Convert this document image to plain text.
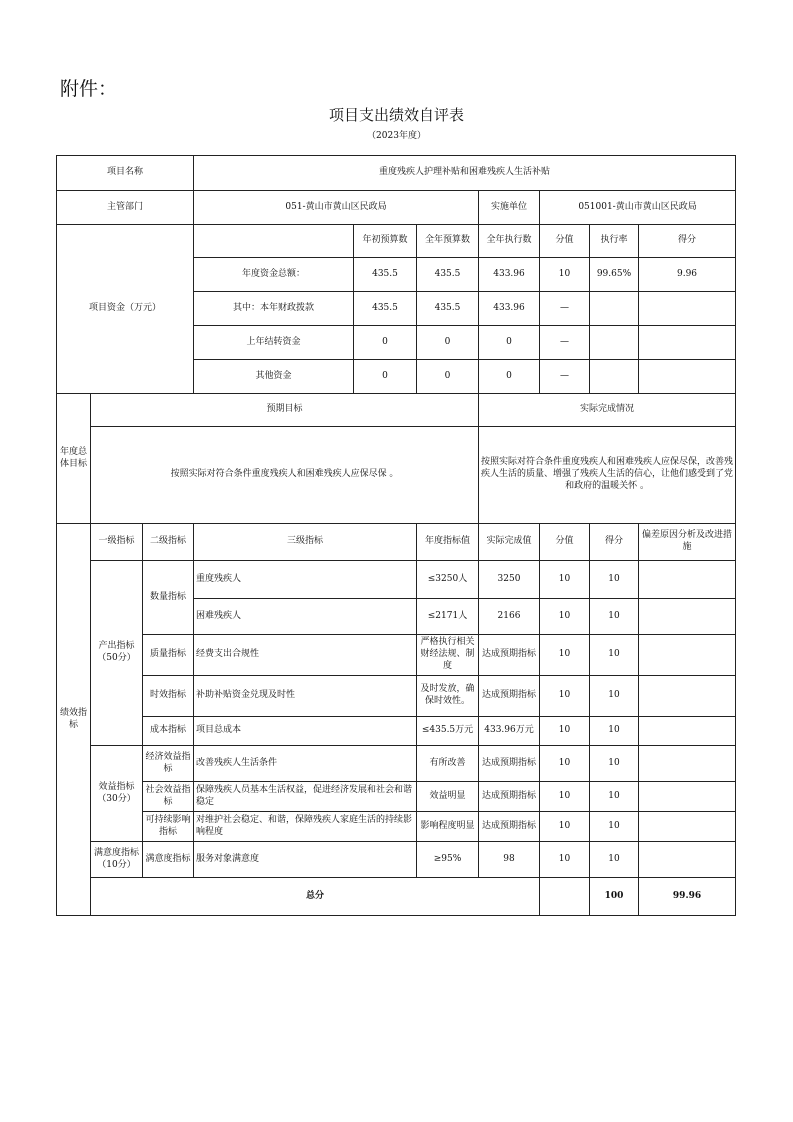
附件：
项目支出绩效自评表
（2023年度）
项目名称			重度残疾人护理补贴和困难残疾人生活补贴							
主管部门			051-黄山市黄山区民政局			实施单位	051001-黄山市黄山区民政局			
项目资金（万元）				年初预算数	全年预算数	全年执行数	分值	执行率	得分	
			年度资金总额：	435.5	435.5	433.96	10	99.65%	9.96	
			其中：本年财政拨款	435.5	435.5	433.96	—			
			上年结转资金	0	0	0	—			
			其他资金	0	0	0	—			
年度总体目标	预期目标					实际完成情况				
	按照实际对符合条件重度残疾人和困难残疾人应保尽保 。					按照实际对符合条件重度残疾人和困难残疾人应保尽保，改善残疾人生活的质量、增强了残疾人生活的信心，让他们感受到了党和政府的温暖关怀 。				
绩效指标	一级指标	二级指标	三级指标		年度指标值	实际完成值	分值	得分	偏差原因分析及改进措施	
	产出指标（50分）	数量指标	重度残疾人		≤3250人	3250	10	10		
			困难残疾人		≤2171人	2166	10	10		
		质量指标	经费支出合规性		严格执行相关财经法规、制度	达成预期指标	10	10		
		时效指标	补助补贴资金兑现及时性		及时发放，确保时效性。	达成预期指标	10	10		
		成本指标	项目总成本		≤435.5万元	433.96万元	10	10		
	效益指标（30分）	经济效益指标	改善残疾人生活条件		有所改善	达成预期指标	10	10		
		社会效益指标	保障残疾人员基本生活权益，促进经济发展和社会和谐稳定		效益明显	达成预期指标	10	10		
		可持续影响指标	对维护社会稳定、和谐，保障残疾人家庭生活的持续影响程度		影响程度明显	达成预期指标	10	10		
	满意度指标（10分）	满意度指标	服务对象满意度		≥95%	98	10	10		
	总分							100	99.96	
